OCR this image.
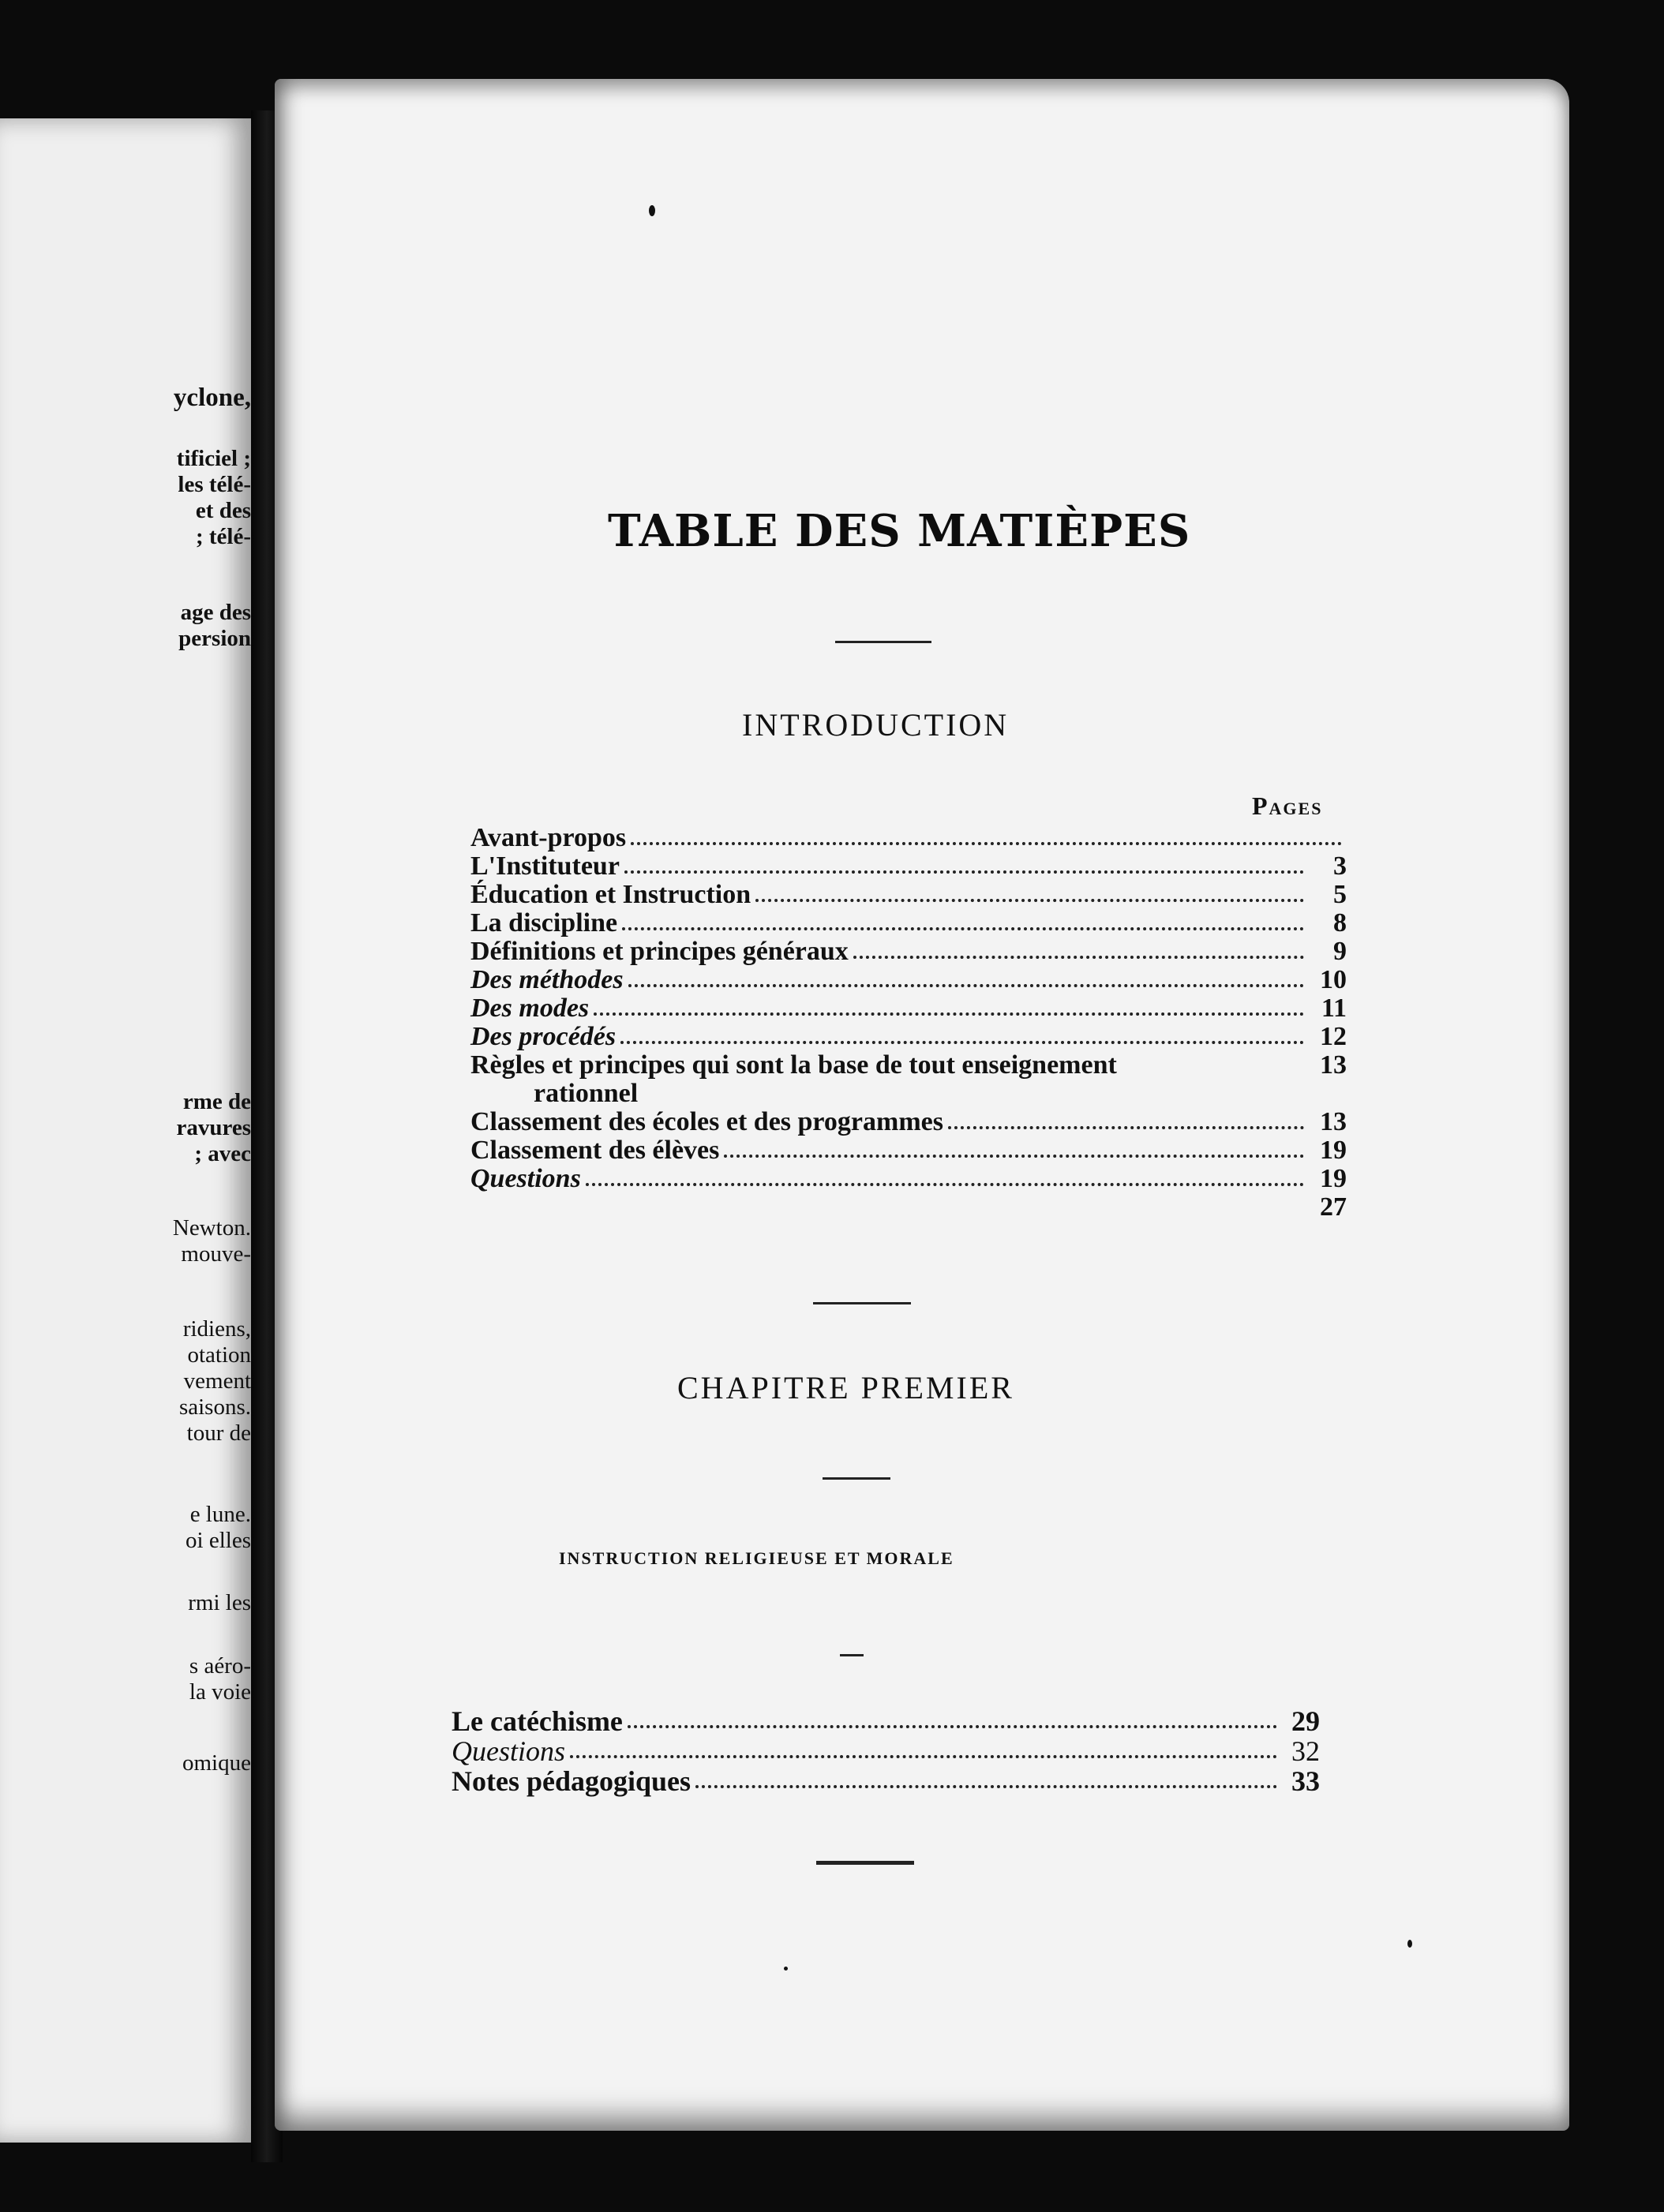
yclone,
tificiel ;
les télé-
et des
; télé-
age des
persion
rme de
ravures
; avec
Newton.
mouve-
ridiens,
otation
vement
saisons.
tour de
e lune.
oi elles
rmi les
s aéro-
la voie
omique
TABLE DES MATIÈPES
INTRODUCTION
Pages
Avant-propos
L'Instituteur	3
Éducation et Instruction	5
La discipline	8
Définitions et principes généraux	9
Des méthodes	10
Des modes	11
Des procédés	12
Règles et principes qui sont la base de tout enseignement	13
rationnel
Classement des écoles et des programmes	13
Classement des élèves	19
Questions	19
27
CHAPITRE PREMIER
INSTRUCTION RELIGIEUSE ET MORALE
Le catéchisme	29
Questions	32
Notes pédagogiques	33
